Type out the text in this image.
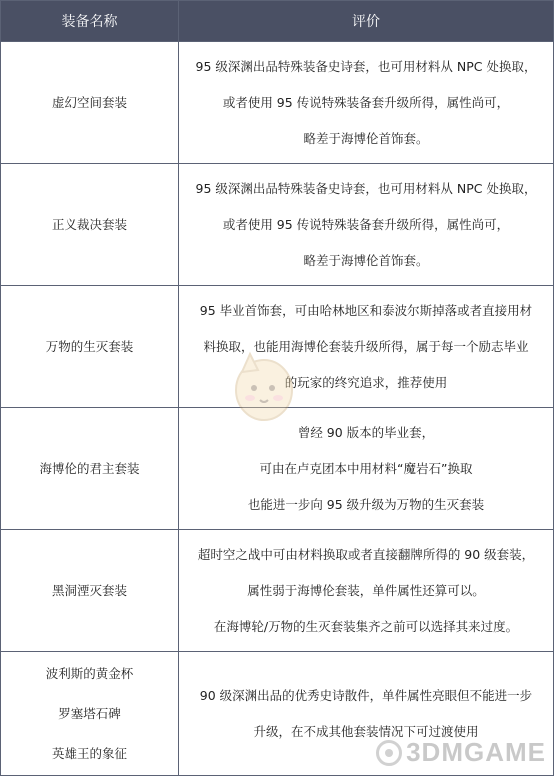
装备名称	评价

虚幻空间套装	95 级深渊出品特殊装备史诗套，也可用材料从 NPC 处换取，
或者使用 95 传说特殊装备套升级所得，属性尚可，
略差于海博伦首饰套。

正义裁决套装	95 级深渊出品特殊装备史诗套，也可用材料从 NPC 处换取，
或者使用 95 传说特殊装备套升级所得，属性尚可，
略差于海博伦首饰套。

万物的生灭套装	95 毕业首饰套，可由哈林地区和泰波尔斯掉落或者直接用材
料换取，也能用海博伦套装升级所得，属于每一个励志毕业
的玩家的终究追求，推荐使用

海博伦的君主套装	曾经 90 版本的毕业套，
可由在卢克团本中用材料“魔岩石”换取
也能进一步向 95 级升级为万物的生灭套装

黑洞湮灭套装	超时空之战中可由材料换取或者直接翻牌所得的 90 级套装，
属性弱于海博伦套装，单件属性还算可以。
在海博轮/万物的生灭套装集齐之前可以选择其来过度。

波利斯的黄金杯
罗塞塔石碑
英雄王的象征	90 级深渊出品的优秀史诗散件，单件属性亮眼但不能进一步
升级，在不成其他套装情况下可过渡使用
3DMGAME
